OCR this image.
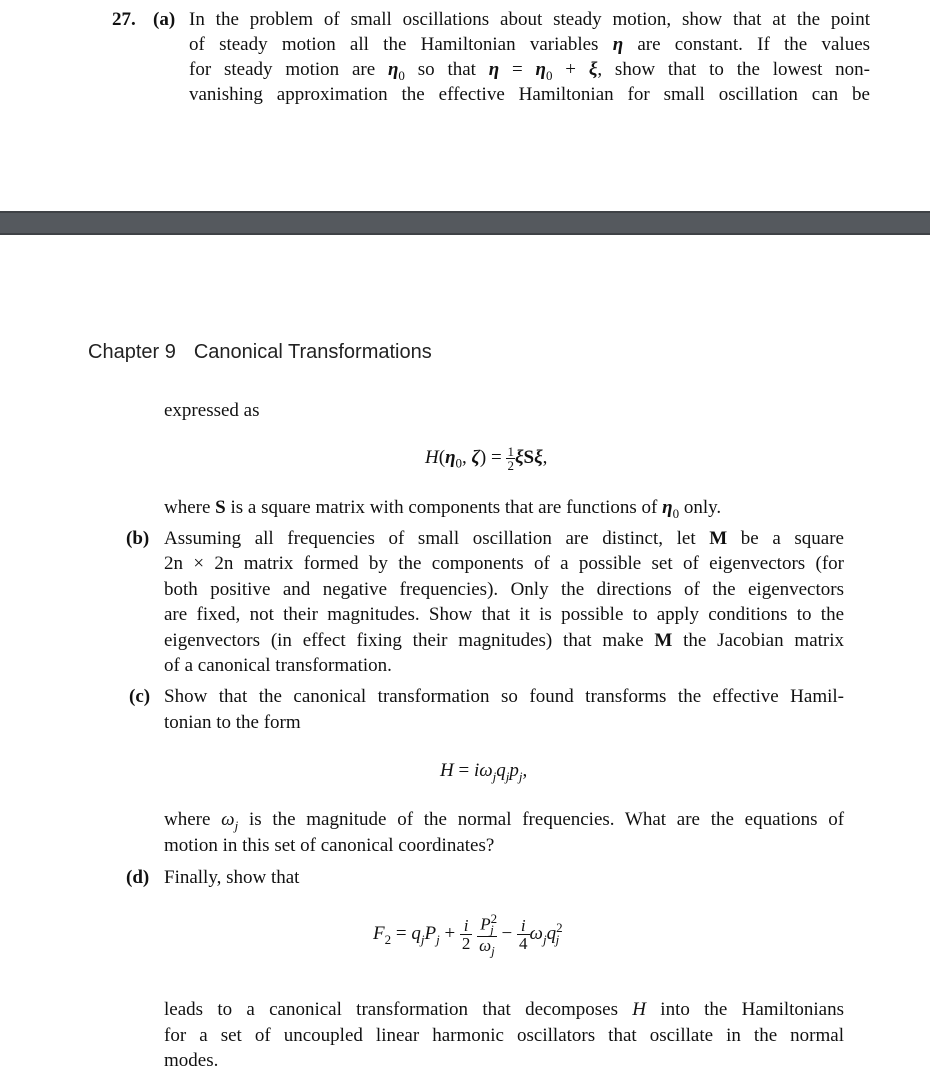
27. (a) In the problem of small oscillations about steady motion, show that at the point
of steady motion all the Hamiltonian variables η are constant. If the values
for steady motion are $\eta_0$ so that $\eta = \eta_0 + \xi$, show that to the lowest non-
vanishing approximation the effective Hamiltonian for small oscillation can be
Chapter 9 Canonical Transformations
expressed as
$H(\eta_0$, $\zeta) = \frac{1}{2} \xi S\xi$,
where S is a square matrix with components that are functions of $\eta_0$ only.
(b) Assuming all frequencies of small oscillation are distinct, let M be a square
2n × 2n matrix formed by the components of a possible set of eigenvectors (for
both positive and negative frequencies). Only the directions of the eigenvectors
are fixed, not their magnitudes. Show that it is possible to apply conditions to the
eigenvectors (in effect fixing their magnitudes) that make M the Jacobian matrix
of a canonical transformation.
(c) Show that the canonical transformation so found transforms the effective Hamil-
tonian to the form
$H = i\omega_jq_jp_j$,
where $\omega_j$ is the magnitude of the normal frequencies. What are the equations of
motion in this set of canonical coordinates?
(d) Finally, show that
$F_2 = q_jP_j + \frac{i}{2}$
$\frac{P^2_j}{\omega_j} - \frac{i}{4} \omega_jq^2_j$
leads to a canonical transformation that decomposes H into the Hamiltonians
for a set of uncoupled linear harmonic oscillators that oscillate in the normal
modes.
